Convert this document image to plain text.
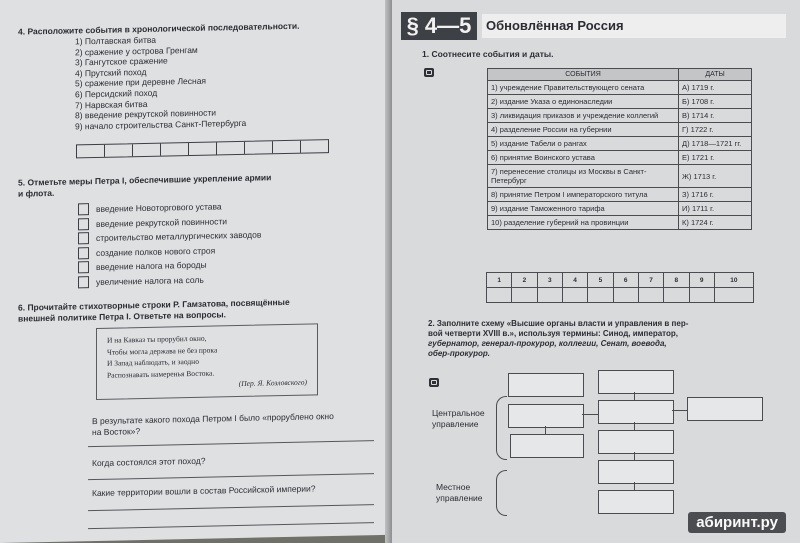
4. Расположите события в хронологической последовательности.
1) Полтавская битва
2) сражение у острова Гренгам
3) Гангутское сражение
4) Прутский поход
5) сражение при деревне Лесная
6) Персидский поход
7) Нарвская битва
8) введение рекрутской повинности
9) начало строительства Санкт-Петербурга
5. Отметьте меры Петра I, обеспечившие укрепление армии
и флота.
введение Новоторгового устава
введение рекрутской повинности
строительство металлургических заводов
создание полков нового строя
введение налога на бороды
увеличение налога на соль
6. Прочитайте стихотворные строки Р. Гамзатова, посвящённые
внешней политике Петра I. Ответьте на вопросы.
И на Кавказ ты прорубил окно,
Чтобы могла держава не без прока
И Запад наблюдать, и заодно
Распознавать намеренья Востока.
(Пер. Я. Козловского)
В результате какого похода Петром I было «прорублено окно
на Восток»?
Когда состоялся этот поход?
Какие территории вошли в состав Российской империи?
§ 4—5	Обновлённая Россия
1. Соотнесите события и даты.
СОБЫТИЯ	ДАТЫ
1) учреждение Правительствующего сената	А) 1719 г.
2) издание Указа о единонаследии	Б) 1708 г.
3) ликвидация приказов и учреждение коллегий	В) 1714 г.
4) разделение России на губернии	Г) 1722 г.
5) издание Табели о рангах	Д) 1718—1721 гг.
6) принятие Воинского устава	Е) 1721 г.
7) перенесение столицы из Москвы в Санкт-Петербург	Ж) 1713 г.
8) принятие Петром I императорского титула	З) 1716 г.
9) издание Таможенного тарифа	И) 1711 г.
10) разделение губерний на провинции	К) 1724 г.
1	2	3	4	5	6	7	8	9	10

2. Заполните схему «Высшие органы власти и управления в пер-
вой четверти XVIII в.», используя термины: Синод, император,
губернатор, генерал-прокурор, коллегии, Сенат, воевода,
обер-прокурор.
Центральное
управление
Местное
управление
абиринт.ру
